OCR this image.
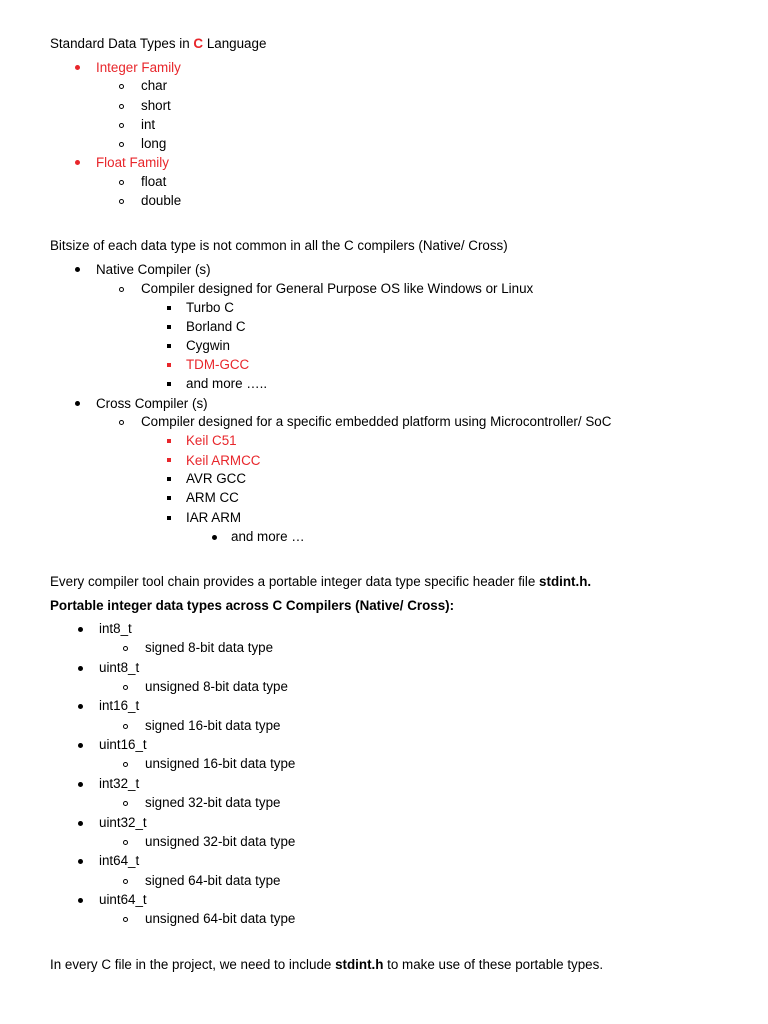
Standard Data Types in C Language
Integer Family
char
short
int
long
Float Family
float
double
Bitsize of each data type is not common in all the C compilers (Native/ Cross)
Native Compiler (s)
Compiler designed for General Purpose OS like Windows or Linux
Turbo C
Borland C
Cygwin
TDM-GCC
and more …..
Cross Compiler (s)
Compiler designed for a specific embedded platform using Microcontroller/ SoC
Keil C51
Keil ARMCC
AVR GCC
ARM CC
IAR ARM
and more …
Every compiler tool chain provides a portable integer data type specific header file stdint.h.
Portable integer data types across C Compilers (Native/ Cross):
int8_t
signed 8-bit data type
uint8_t
unsigned 8-bit data type
int16_t
signed 16-bit data type
uint16_t
unsigned 16-bit data type
int32_t
signed 32-bit data type
uint32_t
unsigned 32-bit data type
int64_t
signed 64-bit data type
uint64_t
unsigned 64-bit data type
In every C file in the project, we need to include stdint.h to make use of these portable types.
